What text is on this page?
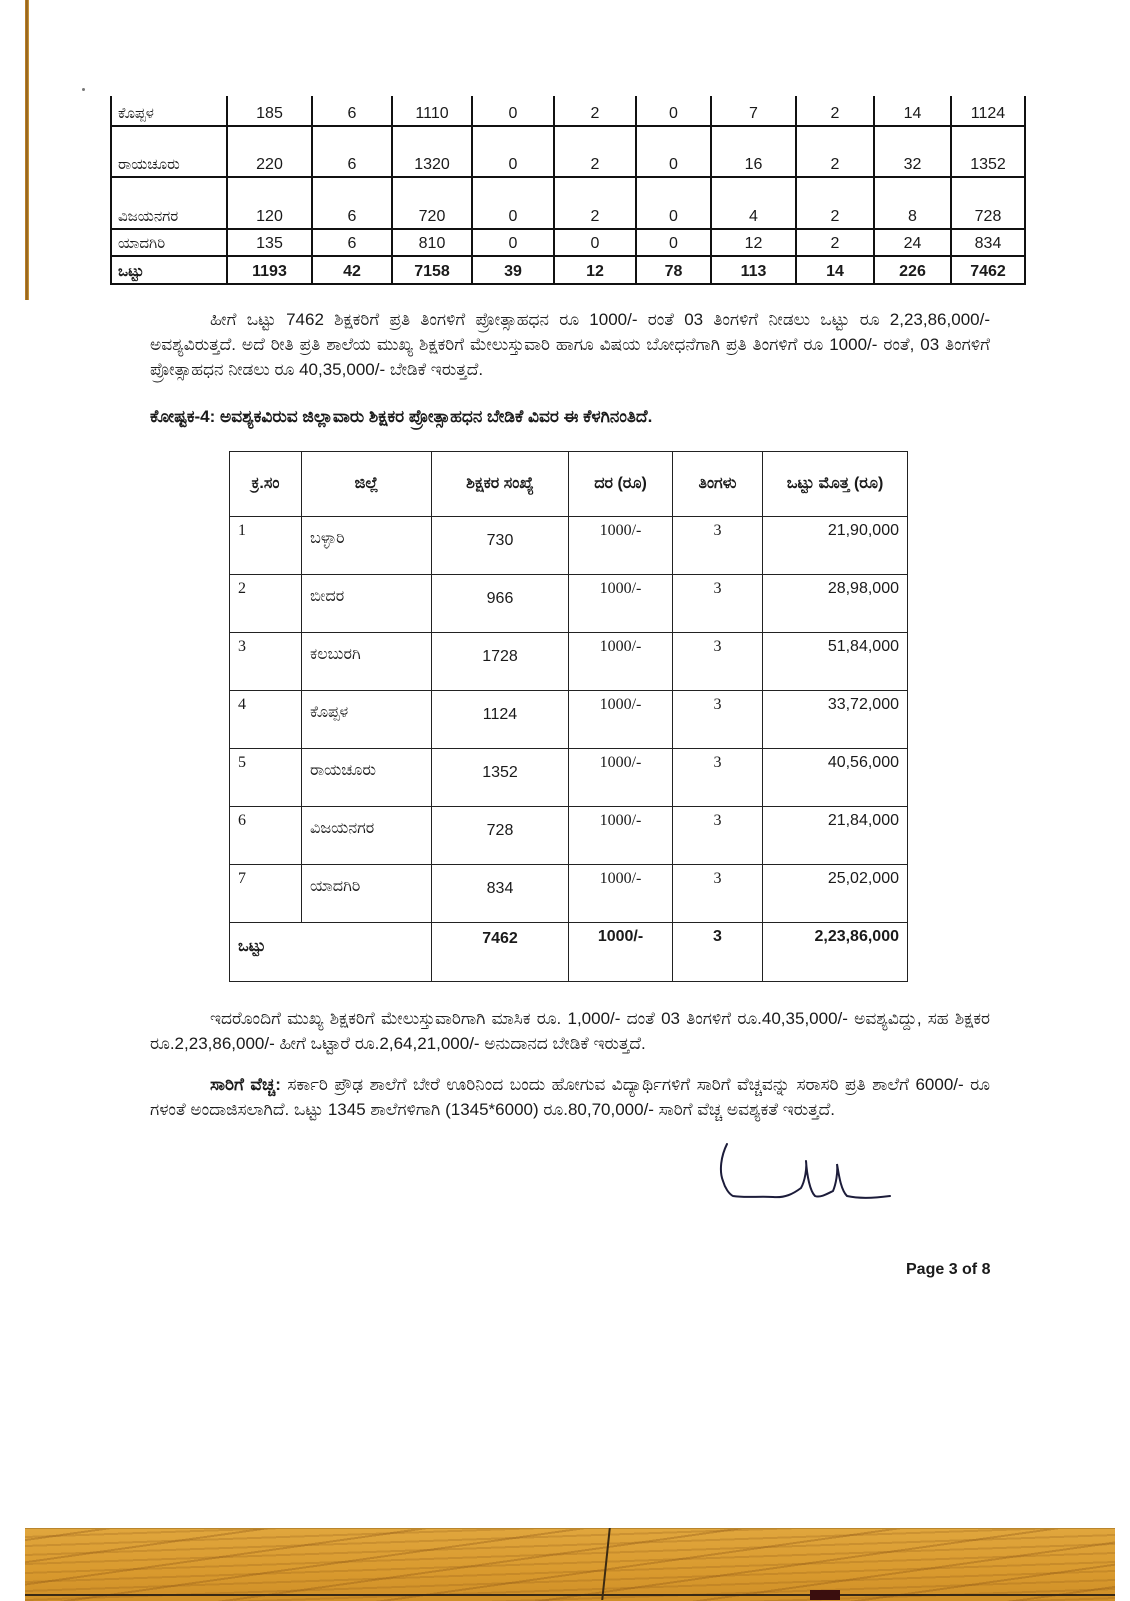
ಕೊಪ್ಪಳ	185	6	1110	0	2	0	7	2	14	1124
ರಾಯಚೂರು	220	6	1320	0	2	0	16	2	32	1352
ವಿಜಯನಗರ	120	6	720	0	2	0	4	2	8	728
ಯಾದಗಿರಿ	135	6	810	0	0	0	12	2	24	834
ಒಟ್ಟು	1193	42	7158	39	12	78	113	14	226	7462
ಹೀಗೆ ಒಟ್ಟು 7462 ಶಿಕ್ಷಕರಿಗೆ ಪ್ರತಿ ತಿಂಗಳಿಗೆ ಪ್ರೋತ್ಸಾಹಧನ ರೂ 1000/- ರಂತೆ 03 ತಿಂಗಳಿಗೆ ನೀಡಲು ಒಟ್ಟು ರೂ 2,23,86,000/- ಅವಶ್ಯವಿರುತ್ತದೆ. ಅದೆ ರೀತಿ ಪ್ರತಿ ಶಾಲೆಯ ಮುಖ್ಯ ಶಿಕ್ಷಕರಿಗೆ ಮೇಲುಸ್ತುವಾರಿ ಹಾಗೂ ವಿಷಯ ಬೋಧನೆಗಾಗಿ ಪ್ರತಿ ತಿಂಗಳಿಗೆ ರೂ 1000/- ರಂತೆ, 03 ತಿಂಗಳಿಗೆ ಪ್ರೋತ್ಸಾಹಧನ ನೀಡಲು ರೂ 40,35,000/- ಬೇಡಿಕೆ ಇರುತ್ತದೆ.
ಕೋಷ್ಟಕ-4: ಅವಶ್ಯಕವಿರುವ ಜಿಲ್ಲಾವಾರು ಶಿಕ್ಷಕರ ಪ್ರೋತ್ಸಾಹಧನ ಬೇಡಿಕೆ ವಿವರ ಈ ಕೆಳಗಿನಂತಿದೆ.
ಕ್ರ.ಸಂ	ಜಿಲ್ಲೆ	ಶಿಕ್ಷಕರ ಸಂಖ್ಯೆ	ದರ (ರೂ)	ತಿಂಗಳು	ಒಟ್ಟು ಮೊತ್ತ (ರೂ)
1	ಬಳ್ಳಾರಿ	730	1000/-	3	21,90,000
2	ಬೀದರ	966	1000/-	3	28,98,000
3	ಕಲಬುರಗಿ	1728	1000/-	3	51,84,000
4	ಕೊಪ್ಪಳ	1124	1000/-	3	33,72,000
5	ರಾಯಚೂರು	1352	1000/-	3	40,56,000
6	ವಿಜಯನಗರ	728	1000/-	3	21,84,000
7	ಯಾದಗಿರಿ	834	1000/-	3	25,02,000
ಒಟ್ಟು		7462	1000/-	3	2,23,86,000
ಇದರೊಂದಿಗೆ ಮುಖ್ಯ ಶಿಕ್ಷಕರಿಗೆ ಮೇಲುಸ್ತುವಾರಿಗಾಗಿ ಮಾಸಿಕ ರೂ. 1,000/- ದಂತೆ 03 ತಿಂಗಳಿಗೆ ರೂ.40,35,000/- ಅವಶ್ಯವಿದ್ದು, ಸಹ ಶಿಕ್ಷಕರ ರೂ.2,23,86,000/- ಹೀಗೆ ಒಟ್ಟಾರೆ ರೂ.2,64,21,000/- ಅನುದಾನದ ಬೇಡಿಕೆ ಇರುತ್ತದೆ.
ಸಾರಿಗೆ ವೆಚ್ಚ: ಸರ್ಕಾರಿ ಪ್ರೌಢ ಶಾಲೆಗೆ ಬೇರೆ ಊರಿನಿಂದ ಬಂದು ಹೋಗುವ ವಿದ್ಯಾರ್ಥಿಗಳಿಗೆ ಸಾರಿಗೆ ವೆಚ್ಚವನ್ನು ಸರಾಸರಿ ಪ್ರತಿ ಶಾಲೆಗೆ 6000/- ರೂ ಗಳಂತೆ ಅಂದಾಜಿಸಲಾಗಿದೆ. ಒಟ್ಟು 1345 ಶಾಲೆಗಳಿಗಾಗಿ (1345*6000) ರೂ.80,70,000/- ಸಾರಿಗೆ ವೆಚ್ಚ ಅವಶ್ಯಕತೆ ಇರುತ್ತದೆ.
Page 3 of 8
